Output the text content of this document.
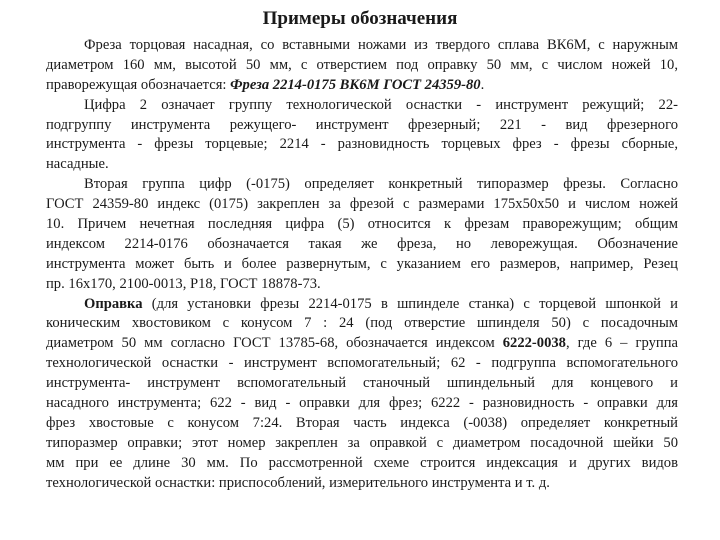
Примеры обозначения
Фреза торцовая насадная, со вставными ножами из твердого сплава ВК6М, с наружным
диаметром 160 мм, высотой 50 мм, с отверстием под оправку 50 мм, с числом ножей 10,
праворежущая обозначается: Фреза 2214-0175 ВК6М ГОСТ 24359-80.
Цифра 2 означает группу технологической оснастки - инструмент режущий; 22-
подгруппу инструмента режущего- инструмент фрезерный; 221 - вид фрезерного
инструмента - фрезы торцевые; 2214 - разновидность торцевых фрез - фрезы сборные,
насадные.
Вторая группа цифр (-0175) определяет конкретный типоразмер фрезы. Согласно
ГОСТ 24359-80 индекс (0175) закреплен за фрезой с размерами 175x50x50 и числом ножей
10. Причем нечетная последняя цифра (5) относится к фрезам праворежущим; общим
индексом 2214-0176 обозначается такая же фреза, но леворежущая. Обозначение
инструмента может быть и более развернутым, с указанием его размеров, например, Резец
пр. 16x170, 2100-0013, Р18, ГОСТ 18878-73.
Оправка (для установки фрезы 2214-0175 в шпинделе станка) с торцевой шпонкой и
коническим хвостовиком с конусом 7 : 24 (под отверстие шпинделя 50) с посадочным
диаметром 50 мм согласно ГОСТ 13785-68, обозначается индексом 6222-0038, где 6 – группа
технологической оснастки - инструмент вспомогательный; 62 - подгруппа вспомогательного
инструмента- инструмент вспомогательный станочный шпиндельный для концевого и
насадного инструмента; 622 - вид - оправки для фрез; 6222 - разновидность - оправки для
фрез хвостовые с конусом 7:24. Вторая часть индекса (-0038) определяет конкретный
типоразмер оправки; этот номер закреплен за оправкой с диаметром посадочной шейки 50
мм при ее длине 30 мм. По рассмотренной схеме строится индексация и других видов
технологической оснастки: приспособлений, измерительного инструмента и т. д.
